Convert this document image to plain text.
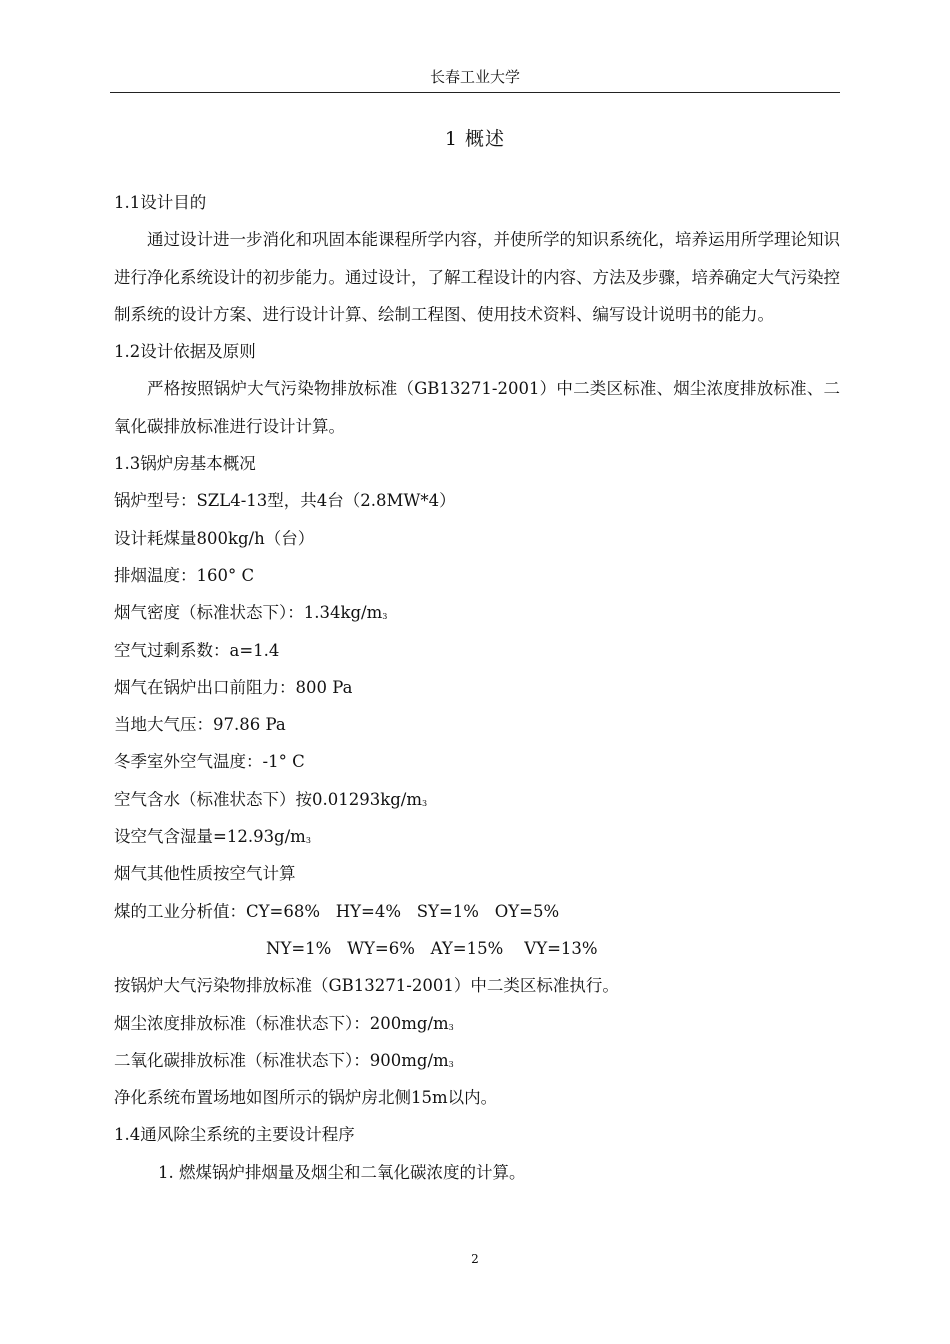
长春工业大学
1 概述
1.1设计目的

通过设计进一步消化和巩固本能课程所学内容，并使所学的知识系统化，培养运用所学理论知识进行净化系统设计的初步能力。通过设计，了解工程设计的内容、方法及步骤，培养确定大气污染控制系统的设计方案、进行设计计算、绘制工程图、使用技术资料、编写设计说明书的能力。

1.2设计依据及原则

严格按照锅炉大气污染物排放标准（GB13271-2001）中二类区标准、烟尘浓度排放标准、二氧化碳排放标准进行设计计算。

1.3锅炉房基本概况
锅炉型号：SZL4-13型，共4台（2.8MW*4）
设计耗煤量800kg/h（台）
排烟温度：160° C
烟气密度（标准状态下）：$1.34kg/m_3$
空气过剩系数：a=1.4
烟气在锅炉出口前阻力：800 Pa
当地大气压：97.86 Pa
冬季室外空气温度：-1° C
空气含水（标准状态下）按$0.01293kg/m_3$
设空气含湿量$=12.93g/m_3$
烟气其他性质按空气计算
煤的工业分析值：CY=68%   HY=4%   SY=1%   OY=5%
NY=1%   WY=6%   AY=15%    VY=13%
按锅炉大气污染物排放标准（GB13271-2001）中二类区标准执行。
烟尘浓度排放标准（标准状态下）：$200mg/m_3$
二氧化碳排放标准（标准状态下）：$900mg/m_3$
净化系统布置场地如图所示的锅炉房北侧15m以内。
1.4通风除尘系统的主要设计程序
1. 燃煤锅炉排烟量及烟尘和二氧化碳浓度的计算。
2
